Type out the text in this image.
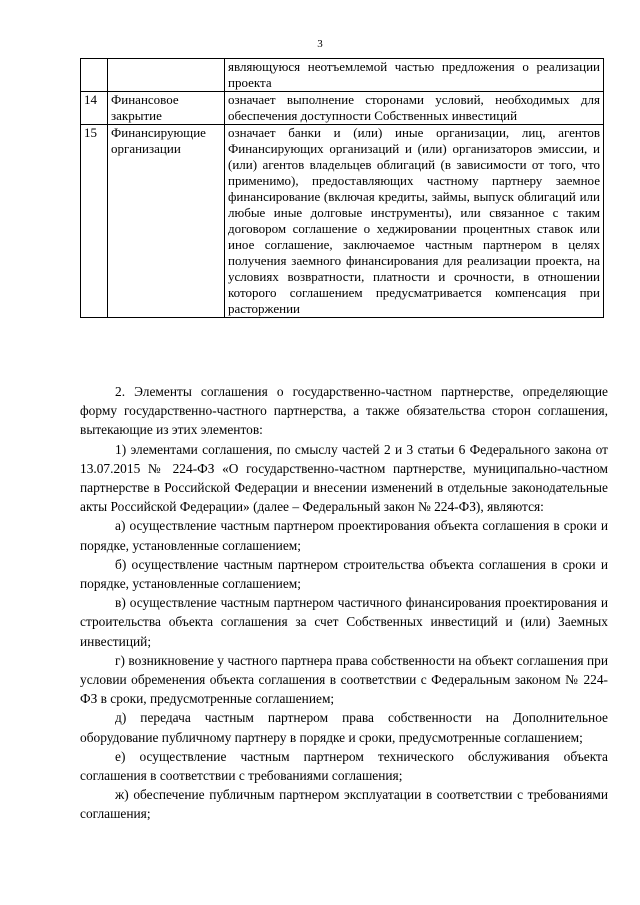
3
		являющуюся неотъемлемой частью предложения о реализации проекта
14	Финансовое закрытие	означает выполнение сторонами условий, необходимых для обеспечения доступности Собственных инвестиций
15	Финансирующие организации	означает банки и (или) иные организации, лиц, агентов Финансирующих организаций и (или) организаторов эмиссии, и (или) агентов владельцев облигаций (в зависимости от того, что применимо), предоставляющих частному партнеру заемное финансирование (включая кредиты, займы, выпуск облигаций или любые иные долговые инструменты), или связанное с таким договором соглашение о хеджировании процентных ставок или иное соглашение, заключаемое частным партнером в целях получения заемного финансирования для реализации проекта, на условиях возвратности, платности и срочности, в отношении которого соглашением предусматривается компенсация при расторжении

2. Элементы соглашения о государственно-частном партнерстве, определяющие форму государственно-частного партнерства, а также обязательства сторон соглашения, вытекающие из этих элементов:

1) элементами соглашения, по смыслу частей 2 и 3 статьи 6 Федерального закона от 13.07.2015 № 224-ФЗ «О государственно-частном партнерстве, муниципально-частном партнерстве в Российской Федерации и внесении изменений в отдельные законодательные акты Российской Федерации» (далее – Федеральный закон № 224-ФЗ), являются:

а) осуществление частным партнером проектирования объекта соглашения в сроки и порядке, установленные соглашением;

б) осуществление частным партнером строительства объекта соглашения в сроки и порядке, установленные соглашением;

в) осуществление частным партнером частичного финансирования проектирования и строительства объекта соглашения за счет Собственных инвестиций и (или) Заемных инвестиций;

г) возникновение у частного партнера права собственности на объект соглашения при условии обременения объекта соглашения в соответствии с Федеральным законом № 224-ФЗ в сроки, предусмотренные соглашением;

д) передача частным партнером права собственности на Дополнительное оборудование публичному партнеру в порядке и сроки, предусмотренные соглашением;

е) осуществление частным партнером технического обслуживания объекта соглашения в соответствии с требованиями соглашения;

ж) обеспечение публичным партнером эксплуатации в соответствии с требованиями соглашения;
